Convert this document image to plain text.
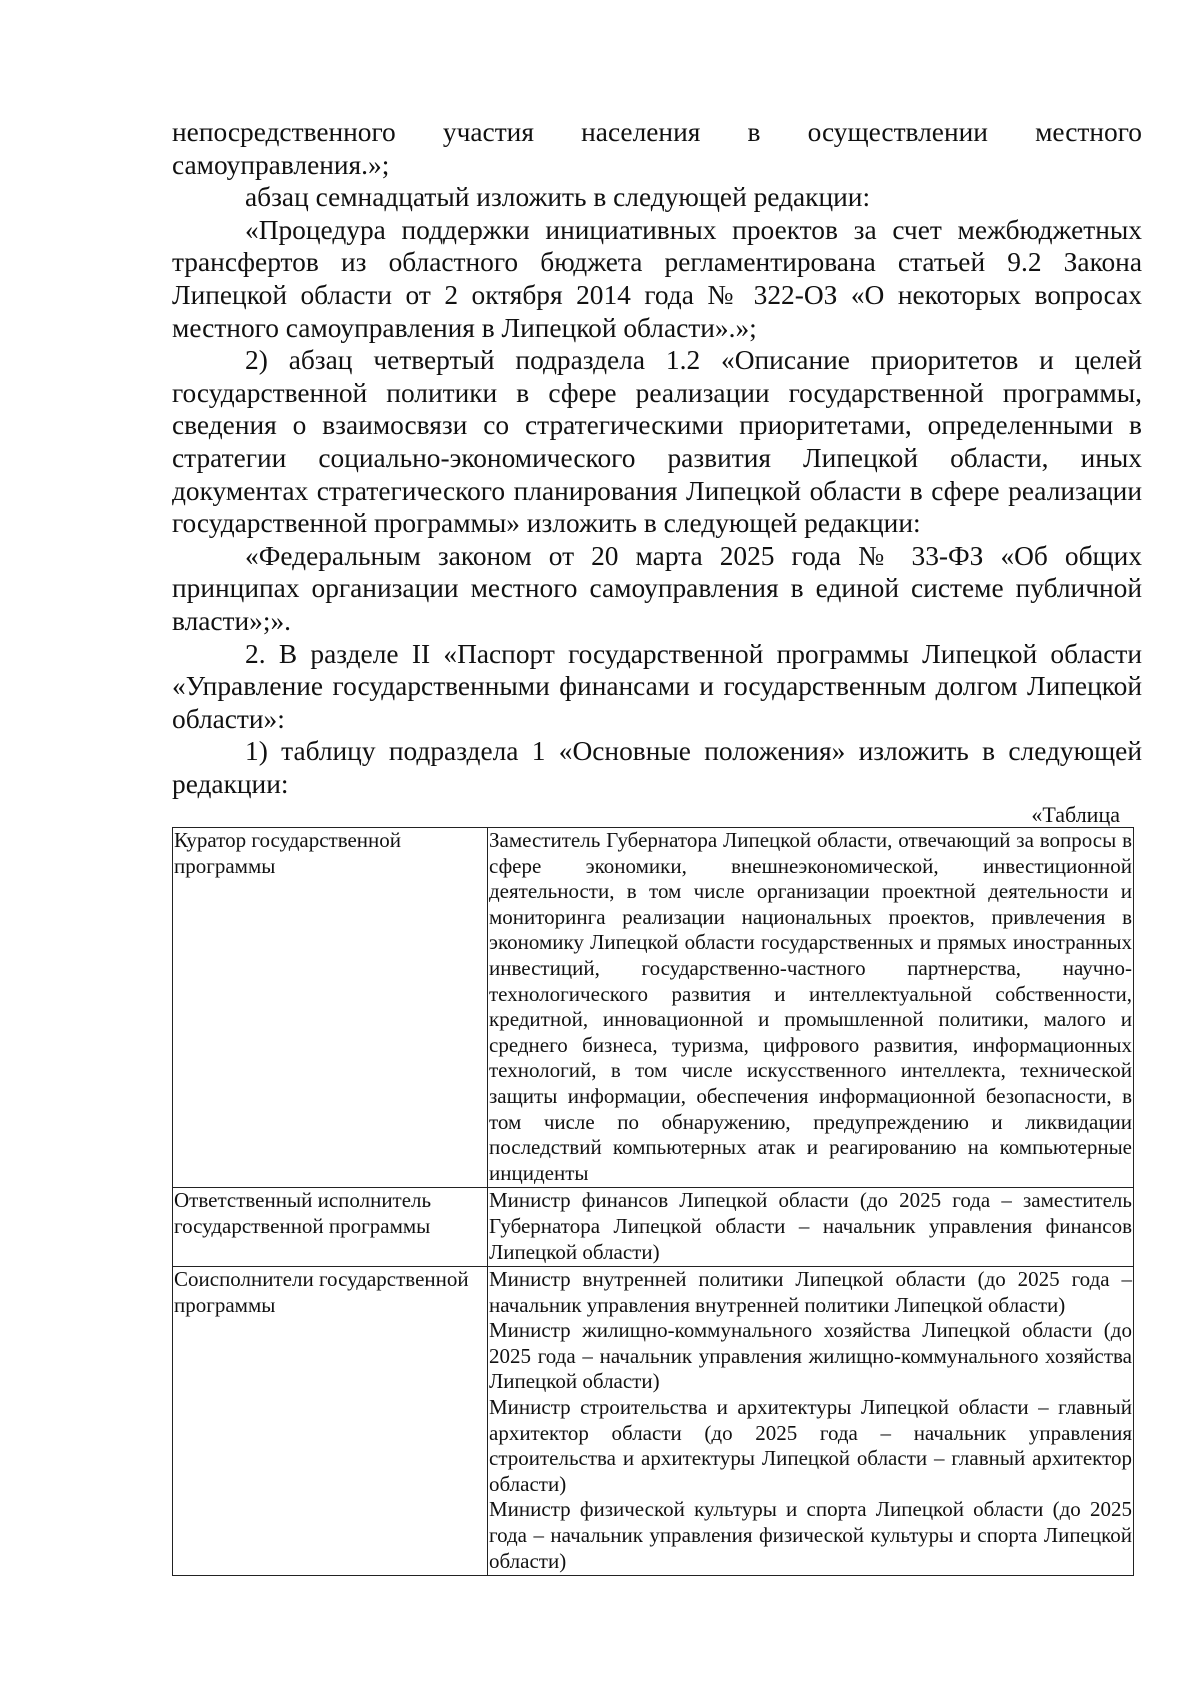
непосредственного участия населения в осуществлении местного самоуправления.»;

абзац семнадцатый изложить в следующей редакции:

«Процедура поддержки инициативных проектов за счет межбюджетных трансфертов из областного бюджета регламентирована статьей 9.2 Закона Липецкой области от 2 октября 2014 года № 322-ОЗ «О некоторых вопросах местного самоуправления в Липецкой области».»;

2) абзац четвертый подраздела 1.2 «Описание приоритетов и целей государственной политики в сфере реализации государственной программы, сведения о взаимосвязи со стратегическими приоритетами, определенными в стратегии социально-экономического развития Липецкой области, иных документах стратегического планирования Липецкой области в сфере реализации государственной программы» изложить в следующей редакции:

«Федеральным законом от 20 марта 2025 года № 33-ФЗ «Об общих принципах организации местного самоуправления в единой системе публичной власти»;».

2. В разделе II «Паспорт государственной программы Липецкой области «Управление государственными финансами и государственным долгом Липецкой области»:

1) таблицу подраздела 1 «Основные положения» изложить в следующей редакции:

«Таблица
Куратор государственной программы	Заместитель Губернатора Липецкой области, отвечающий за вопросы в сфере экономики, внешнеэкономической, инвестиционной деятельности, в том числе организации проектной деятельности и мониторинга реализации национальных проектов, привлечения в экономику Липецкой области государственных и прямых иностранных инвестиций, государственно-частного партнерства, научно-технологического развития и интеллектуальной собственности, кредитной, инновационной и промышленной политики, малого и среднего бизнеса, туризма, цифрового развития, информационных технологий, в том числе искусственного интеллекта, технической защиты информации, обеспечения информационной безопасности, в том числе по обнаружению, предупреждению и ликвидации последствий компьютерных атак и реагированию на компьютерные инциденты

Ответственный исполнитель государственной программы	Министр финансов Липецкой области (до 2025 года – заместитель Губернатора Липецкой области – начальник управления финансов Липецкой области)

Соисполнители государственной программы	Министр внутренней политики Липецкой области (до 2025 года – начальник управления внутренней политики Липецкой области)
Министр жилищно-коммунального хозяйства Липецкой области (до 2025 года – начальник управления жилищно-коммунального хозяйства Липецкой области)
Министр строительства и архитектуры Липецкой области – главный архитектор области (до 2025 года – начальник управления строительства и архитектуры Липецкой области – главный архитектор области)
Министр физической культуры и спорта Липецкой области (до 2025 года – начальник управления физической культуры и спорта Липецкой области)
